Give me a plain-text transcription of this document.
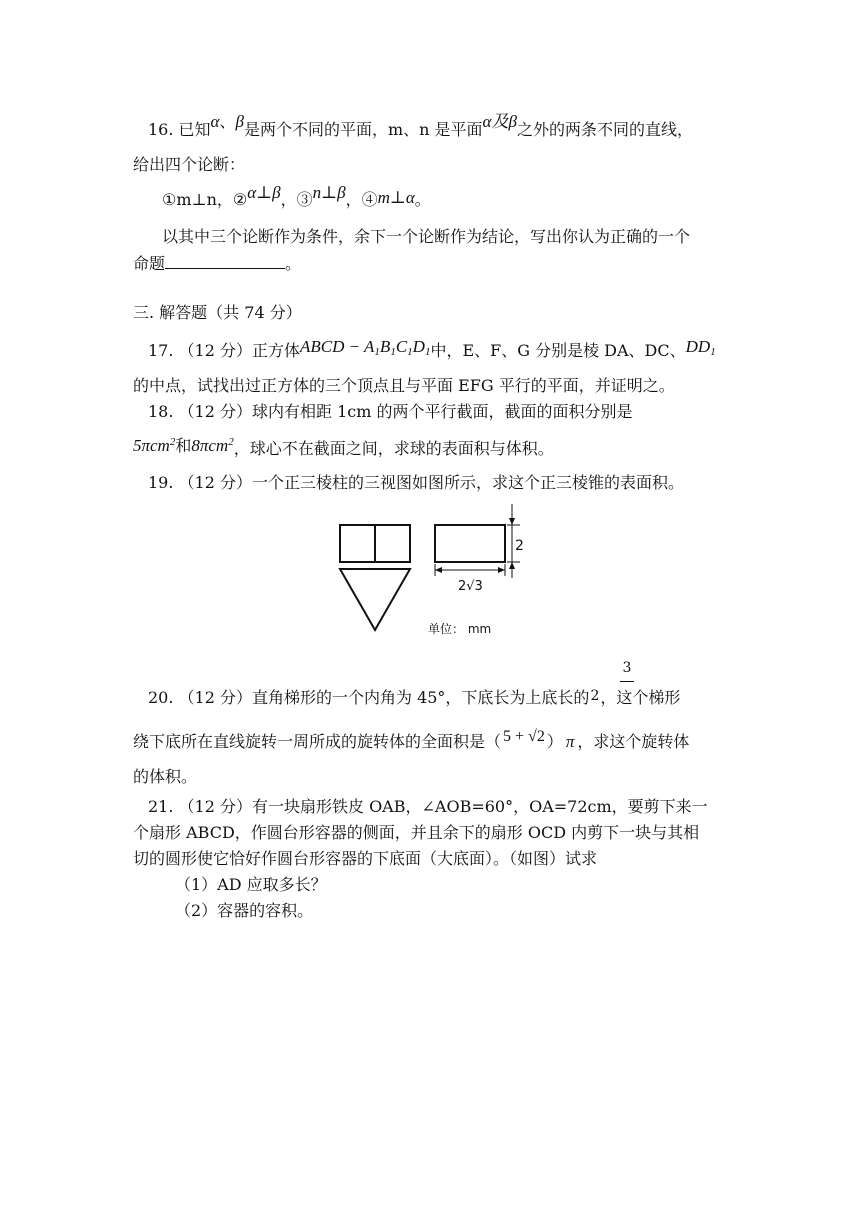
16. 已知α、β是两个不同的平面，m、n 是平面α及β之外的两条不同的直线，
给出四个论断：
①m⊥n，②α⊥β，③n⊥β，④m⊥α。
以其中三个论断作为条件，余下一个论断作为结论，写出你认为正确的一个
命题	。
三. 解答题（共 74 分）
17. （12 分）正方体ABCD − $A_1B_1C_1D_1$中，E、F、G 分别是棱 DA、DC、$DD_1$
的中点，试找出过正方体的三个顶点且与平面 EFG 平行的平面，并证明之。
18. （12 分）球内有相距 1cm 的两个平行截面，截面的面积分别是
5πcm$^2$和8πcm$^2$，球心不在截面之间，求球的表面积与体积。
19. （12 分）一个正三棱柱的三视图如图所示，求这个正三棱锥的表面积。
2
2√3
单位： mm
3
20. （12 分）直角梯形的一个内角为 45°，下底长为上底长的2，这个梯形
绕下底所在直线旋转一周所成的旋转体的全面积是（ 5 + √2 ） π ，求这个旋转体
的体积。
21. （12 分）有一块扇形铁皮 OAB，∠AOB=60°，OA=72cm，要剪下来一
个扇形 ABCD，作圆台形容器的侧面，并且余下的扇形 OCD 内剪下一块与其相
切的圆形使它恰好作圆台形容器的下底面（大底面）。（如图）试求
（1）AD 应取多长？
（2）容器的容积。
